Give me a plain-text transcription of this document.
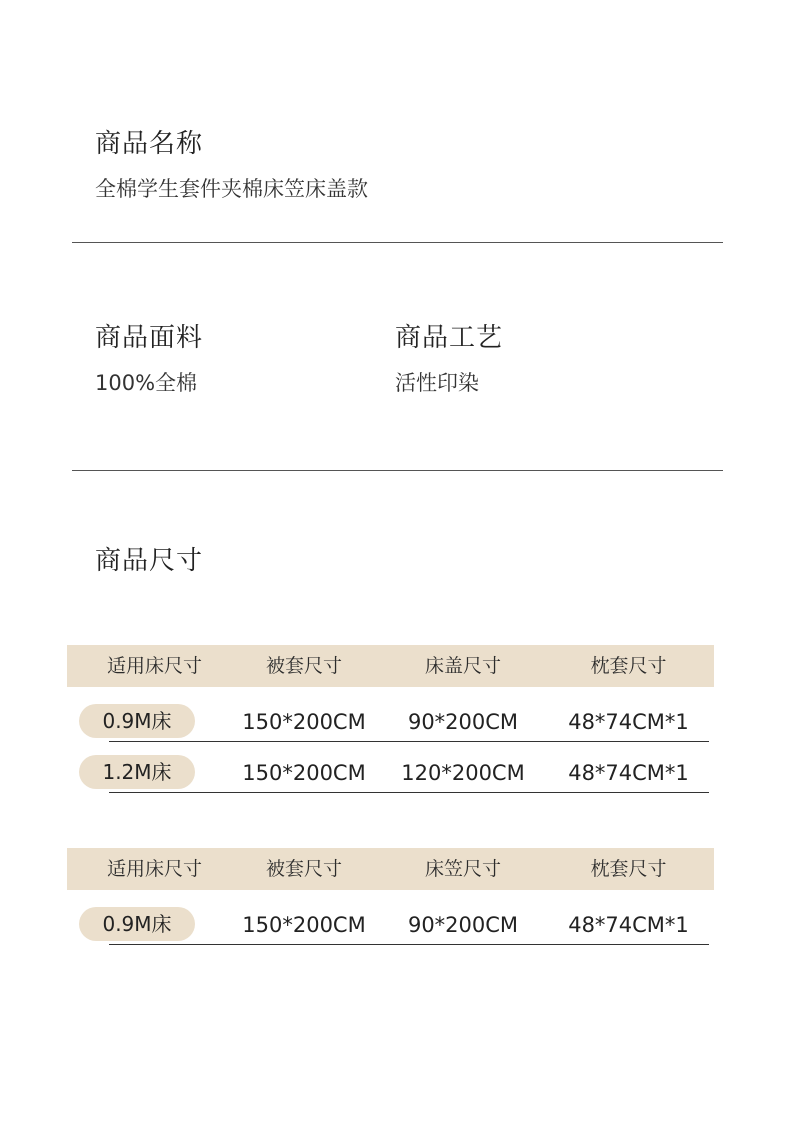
商品名称
全棉学生套件夹棉床笠床盖款
商品面料
100%全棉
商品工艺
活性印染
商品尺寸
适用床尺寸	被套尺寸	床盖尺寸	枕套尺寸
0.9M床	150*200CM	90*200CM	48*74CM*1
1.2M床	150*200CM	120*200CM	48*74CM*1
适用床尺寸	被套尺寸	床笠尺寸	枕套尺寸
0.9M床	150*200CM	90*200CM	48*74CM*1
